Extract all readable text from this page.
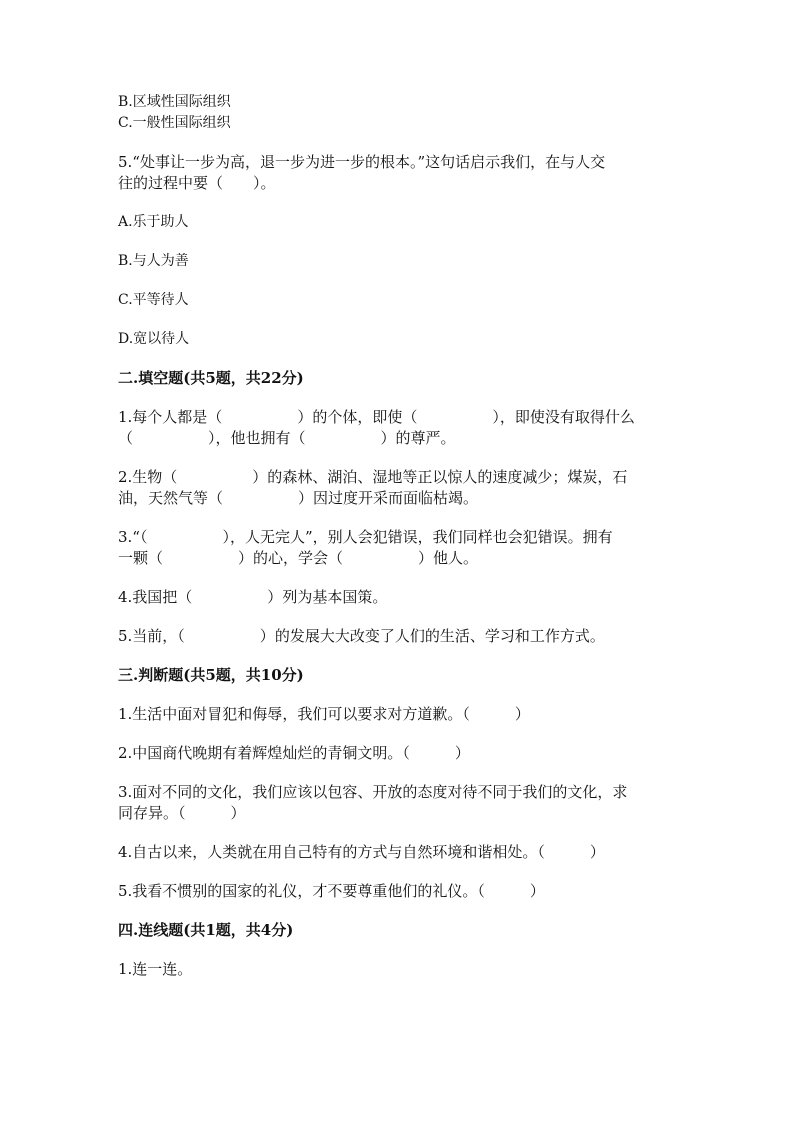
B.区域性国际组织

C.一般性国际组织

5.“处事让一步为高，退一步为进一步的根本。”这句话启示我们，在与人交

往的过程中要（　　）。

A.乐于助人

B.与人为善

C.平等待人

D.宽以待人

二.填空题(共5题，共22分)

1.每个人都是（　　　　　）的个体，即使（　　　　　），即使没有取得什么

（　　　　　），他也拥有（　　　　　）的尊严。

2.生物（　　　　　）的森林、湖泊、湿地等正以惊人的速度减少；煤炭，石

油，天然气等（　　　　　）因过度开采而面临枯竭。

3.“（　　　　　），人无完人”，别人会犯错误，我们同样也会犯错误。拥有

一颗（　　　　　）的心，学会（　　　　　）他人。

4.我国把（　　　　　）列为基本国策。

5.当前，（　　　　　）的发展大大改变了人们的生活、学习和工作方式。

三.判断题(共5题，共10分)

1.生活中面对冒犯和侮辱，我们可以要求对方道歉。（　　　）

2.中国商代晚期有着辉煌灿烂的青铜文明。（　　　）

3.面对不同的文化，我们应该以包容、开放的态度对待不同于我们的文化，求

同存异。（　　　）

4.自古以来，人类就在用自己特有的方式与自然环境和谐相处。（　　　）

5.我看不惯别的国家的礼仪，才不要尊重他们的礼仪。（　　　）

四.连线题(共1题，共4分)

1.连一连。
